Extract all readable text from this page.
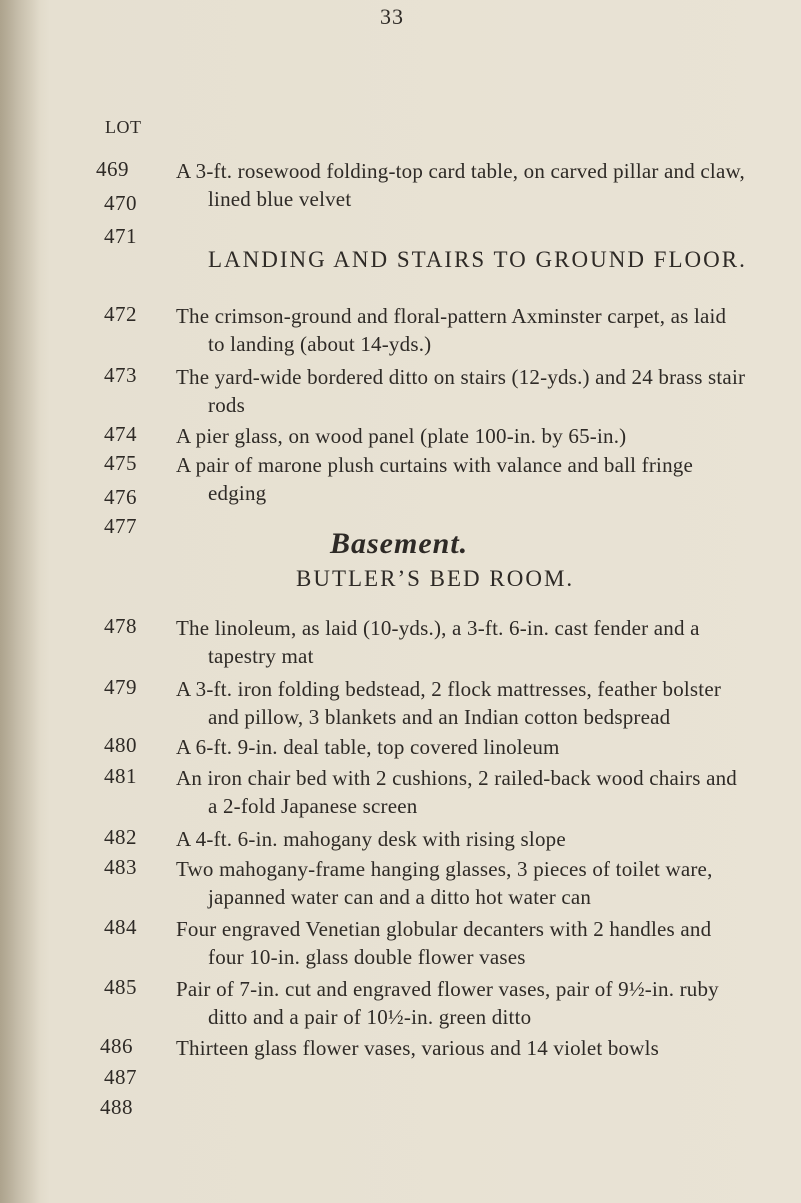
33
LOT
469
470
471
472
473
474
475
476
477
478
479
480
481
482
483
484
485
486
487
488
A 3-ft. rosewood folding-top card table, on carved pillar and claw,
lined blue velvet
LANDING AND STAIRS TO GROUND FLOOR.
The crimson-ground and floral-pattern Axminster carpet, as laid
to landing (about 14-yds.)
The yard-wide bordered ditto on stairs (12-yds.) and 24 brass stair
rods
A pier glass, on wood panel (plate 100-in. by 65-in.)
A pair of marone plush curtains with valance and ball fringe
edging
Basement.
BUTLER’S BED ROOM.
The linoleum, as laid (10-yds.), a 3-ft. 6-in. cast fender and a
tapestry mat
A 3-ft. iron folding bedstead, 2 flock mattresses, feather bolster
and pillow, 3 blankets and an Indian cotton bedspread
A 6-ft. 9-in. deal table, top covered linoleum
An iron chair bed with 2 cushions, 2 railed-back wood chairs and
a 2-fold Japanese screen
A 4-ft. 6-in. mahogany desk with rising slope
Two mahogany-frame hanging glasses, 3 pieces of toilet ware,
japanned water can and a ditto hot water can
Four engraved Venetian globular decanters with 2 handles and
four 10-in. glass double flower vases
Pair of 7-in. cut and engraved flower vases, pair of 9½-in. ruby
ditto and a pair of 10½-in. green ditto
Thirteen glass flower vases, various and 14 violet bowls
